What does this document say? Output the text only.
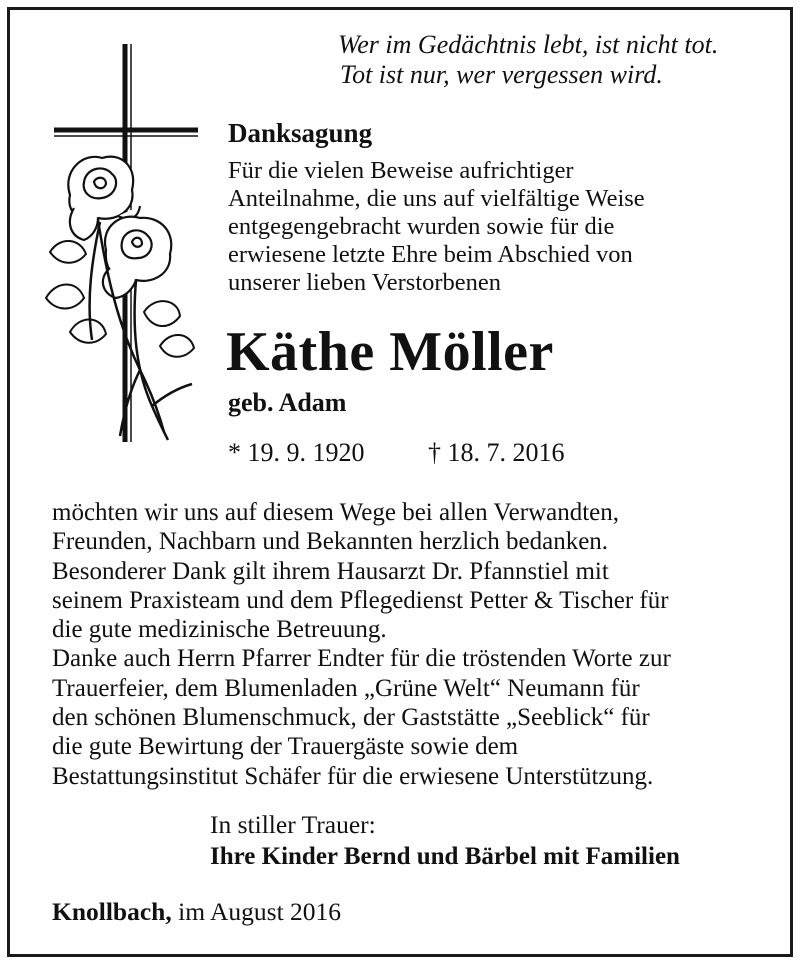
Wer im Gedächtnis lebt, ist nicht tot.
Tot ist nur, wer vergessen wird.
Danksagung
Für die vielen Beweise aufrichtiger
Anteilnahme, die uns auf vielfältige Weise
entgegengebracht wurden sowie für die
erwiesene letzte Ehre beim Abschied von
unserer lieben Verstorbenen
Käthe Möller
geb. Adam
* 19. 9. 1920 † 18. 7. 2016
möchten wir uns auf diesem Wege bei allen Verwandten,
Freunden, Nachbarn und Bekannten herzlich bedanken.
Besonderer Dank gilt ihrem Hausarzt Dr. Pfannstiel mit
seinem Praxisteam und dem Pflegedienst Petter & Tischer für
die gute medizinische Betreuung.
Danke auch Herrn Pfarrer Endter für die tröstenden Worte zur
Trauerfeier, dem Blumenladen „Grüne Welt“ Neumann für
den schönen Blumenschmuck, der Gaststätte „Seeblick“ für
die gute Bewirtung der Trauergäste sowie dem
Bestattungsinstitut Schäfer für die erwiesene Unterstützung.
In stiller Trauer:
Ihre Kinder Bernd und Bärbel mit Familien
Knollbach, im August 2016
